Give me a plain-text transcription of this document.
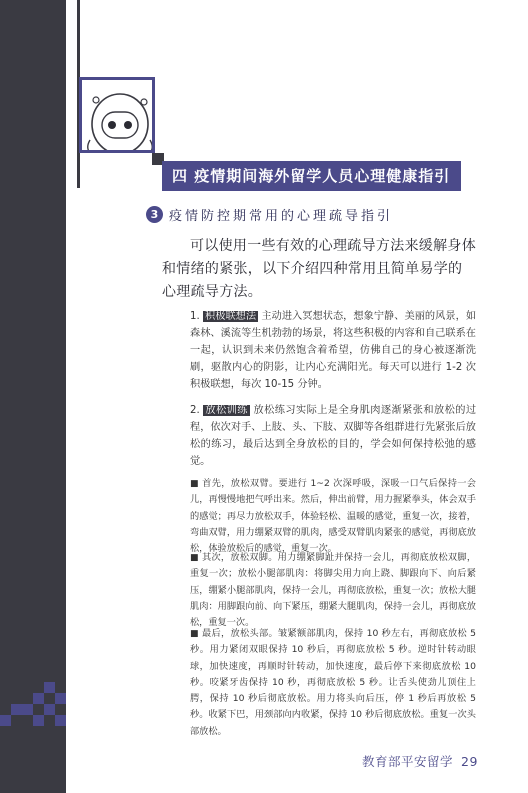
四 疫情期间海外留学人员心理健康指引
3 疫情防控期常用的心理疏导指引

可以使用一些有效的心理疏导方法来缓解身体和情绪的紧张，以下介绍四种常用且简单易学的心理疏导方法。

1. 积极联想法 主动进入冥想状态，想象宁静、美丽的风景，如森林、溪流等生机勃勃的场景，将这些积极的内容和自己联系在一起，认识到未来仍然饱含着希望，仿佛自己的身心被逐渐洗刷，驱散内心的阴影，让内心充满阳光。每天可以进行 1-2 次积极联想，每次 10-15 分钟。

2. 放松训练 放松练习实际上是全身肌肉逐渐紧张和放松的过程，依次对手、上肢、头、下肢、双脚等各组群进行先紧张后放松的练习，最后达到全身放松的目的，学会如何保持松弛的感觉。

■ 首先，放松双臂。要进行 1~2 次深呼吸，深吸一口气后保持一会儿，再慢慢地把气呼出来。然后，伸出前臂，用力握紧拳头，体会双手的感觉；再尽力放松双手，体验轻松、温暖的感觉，重复一次，接着，弯曲双臂，用力绷紧双臂的肌肉，感受双臂肌肉紧张的感觉，再彻底放松，体验放松后的感觉，重复一次。

■ 其次，放松双脚。用力绷紧脚趾并保持一会儿，再彻底放松双脚，重复一次；放松小腿部肌肉：将脚尖用力向上跷、脚跟向下、向后紧压，绷紧小腿部肌肉，保持一会儿，再彻底放松，重复一次；放松大腿肌肉：用脚跟向前、向下紧压，绷紧大腿肌肉，保持一会儿，再彻底放松，重复一次。

■ 最后，放松头部。皱紧额部肌肉，保持 10 秒左右，再彻底放松 5 秒。用力紧闭双眼保持 10 秒后，再彻底放松 5 秒。逆时针转动眼球，加快速度，再顺时针转动，加快速度，最后停下来彻底放松 10 秒。咬紧牙齿保持 10 秒，再彻底放松 5 秒。让舌头使劲儿顶住上腭，保持 10 秒后彻底放松。用力将头向后压，停 1 秒后再放松 5 秒。收紧下巴，用颈部向内收紧，保持 10 秒后彻底放松。重复一次头部放松。

教育部平安留学 29
